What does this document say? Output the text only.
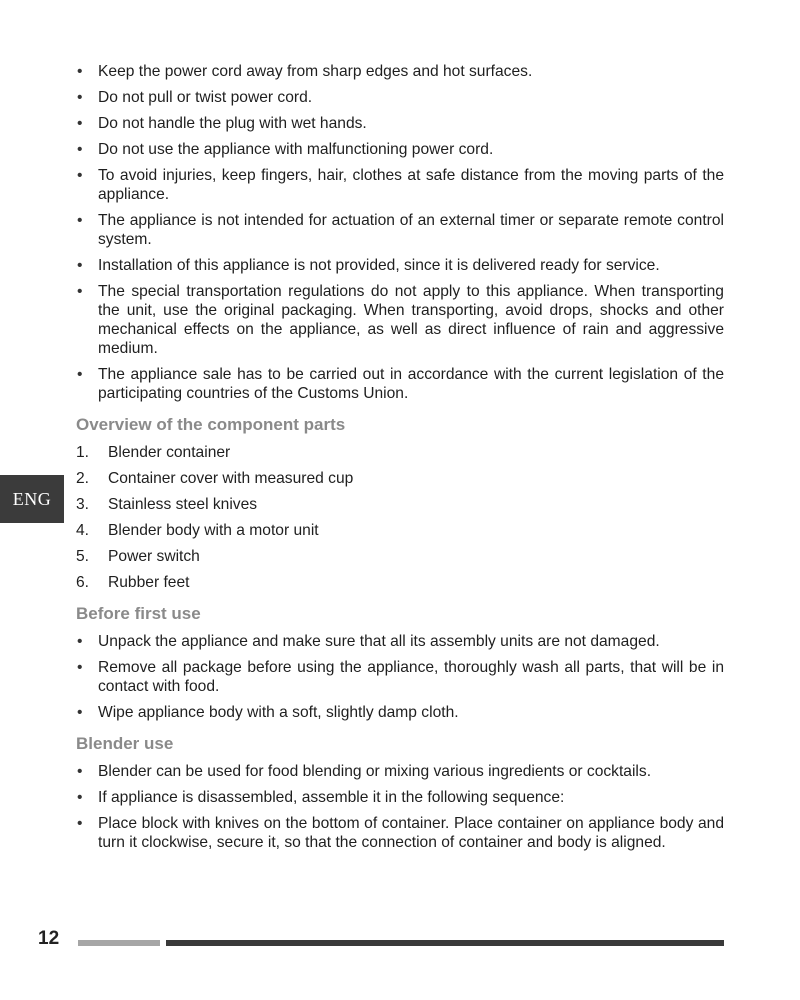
ENG
• Keep the power cord away from sharp edges and hot surfaces.
• Do not pull or twist power cord.
• Do not handle the plug with wet hands.
• Do not use the appliance with malfunctioning power cord.
• To avoid injuries, keep fingers, hair, clothes at safe distance from the moving parts of the appliance.
• The appliance is not intended for actuation of an external timer or separate remote control system.
• Installation of this appliance is not provided, since it is delivered ready for service.
• The special transportation regulations do not apply to this appliance. When transporting the unit, use the original packaging. When transporting, avoid drops, shocks and other mechanical effects on the appliance, as well as direct influence of rain and aggressive medium.
• The appliance sale has to be carried out in accordance with the current legislation of the participating countries of the Customs Union.
Overview of the component parts
1.	Blender container
2.	Container cover with measured cup
3.	Stainless steel knives
4.	Blender body with a motor unit
5.	Power switch
6.	Rubber feet
Before first use
• Unpack the appliance and make sure that all its assembly units are not damaged.
• Remove all package before using the appliance, thoroughly wash all parts, that will be in contact with food.
• Wipe appliance body with a soft, slightly damp cloth.
Blender use
• Blender can be used for food blending or mixing various ingredients or cocktails.
• If appliance is disassembled, assemble it in the following sequence:
• Place block with knives on the bottom of container. Place container on appliance body and turn it clockwise, secure it, so that the connection of container and body is aligned.
12
